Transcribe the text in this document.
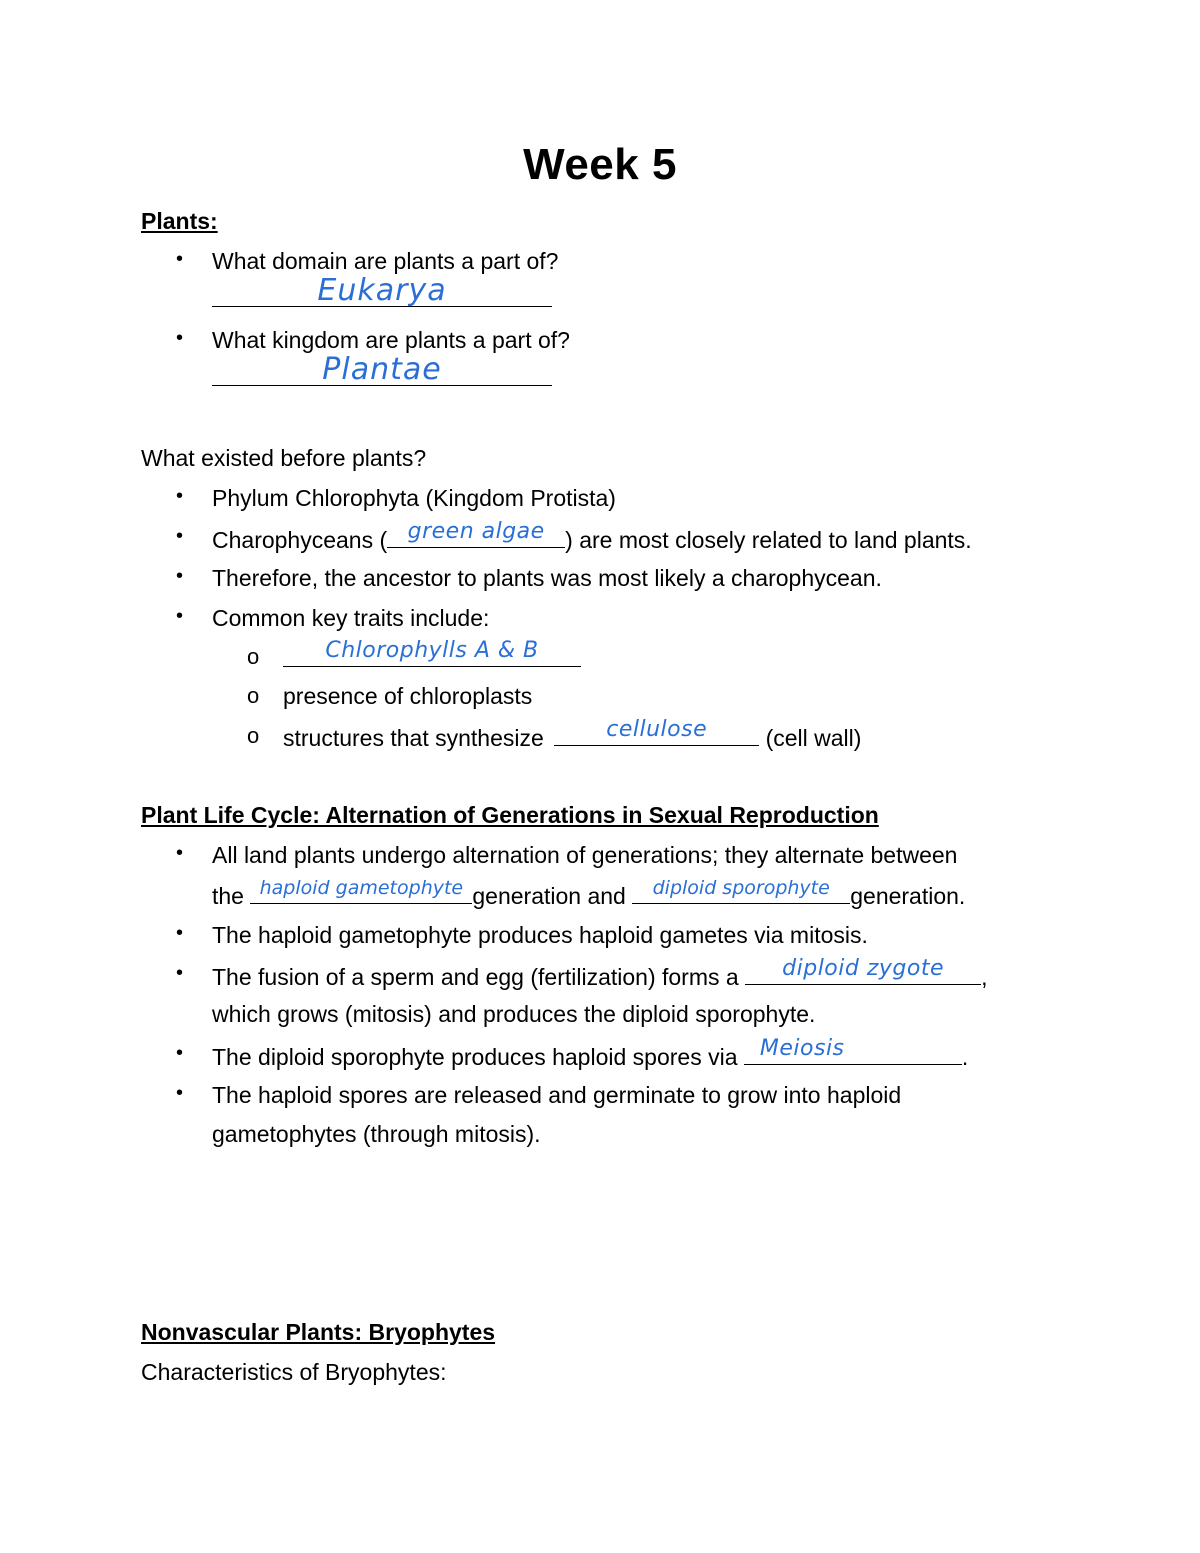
Week 5
Plants:
• What domain are plants a part of?
Eukarya
• What kingdom are plants a part of?
Plantae
What existed before plants?
• Phylum Chlorophyta (Kingdom Protista)
• Charophyceans ( green algae ) are most closely related to land plants.
• Therefore, the ancestor to plants was most likely a charophycean.
• Common key traits include:
o	Chlorophylls A & B
o presence of chloroplasts
o structures that synthesize	cellulose	(cell wall)
Plant Life Cycle: Alternation of Generations in Sexual Reproduction
• All land plants undergo alternation of generations; they alternate between
the haploid gametophyte generation and	diploid sporophyte generation.
• The haploid gametophyte produces haploid gametes via mitosis.
• The fusion of a sperm and egg (fertilization) forms a	diploid zygote	,
which grows (mitosis) and produces the diploid sporophyte.
• The diploid sporophyte produces haploid spores via Meiosis	.
• The haploid spores are released and germinate to grow into haploid
gametophytes (through mitosis).
Nonvascular Plants: Bryophytes
Characteristics of Bryophytes:
